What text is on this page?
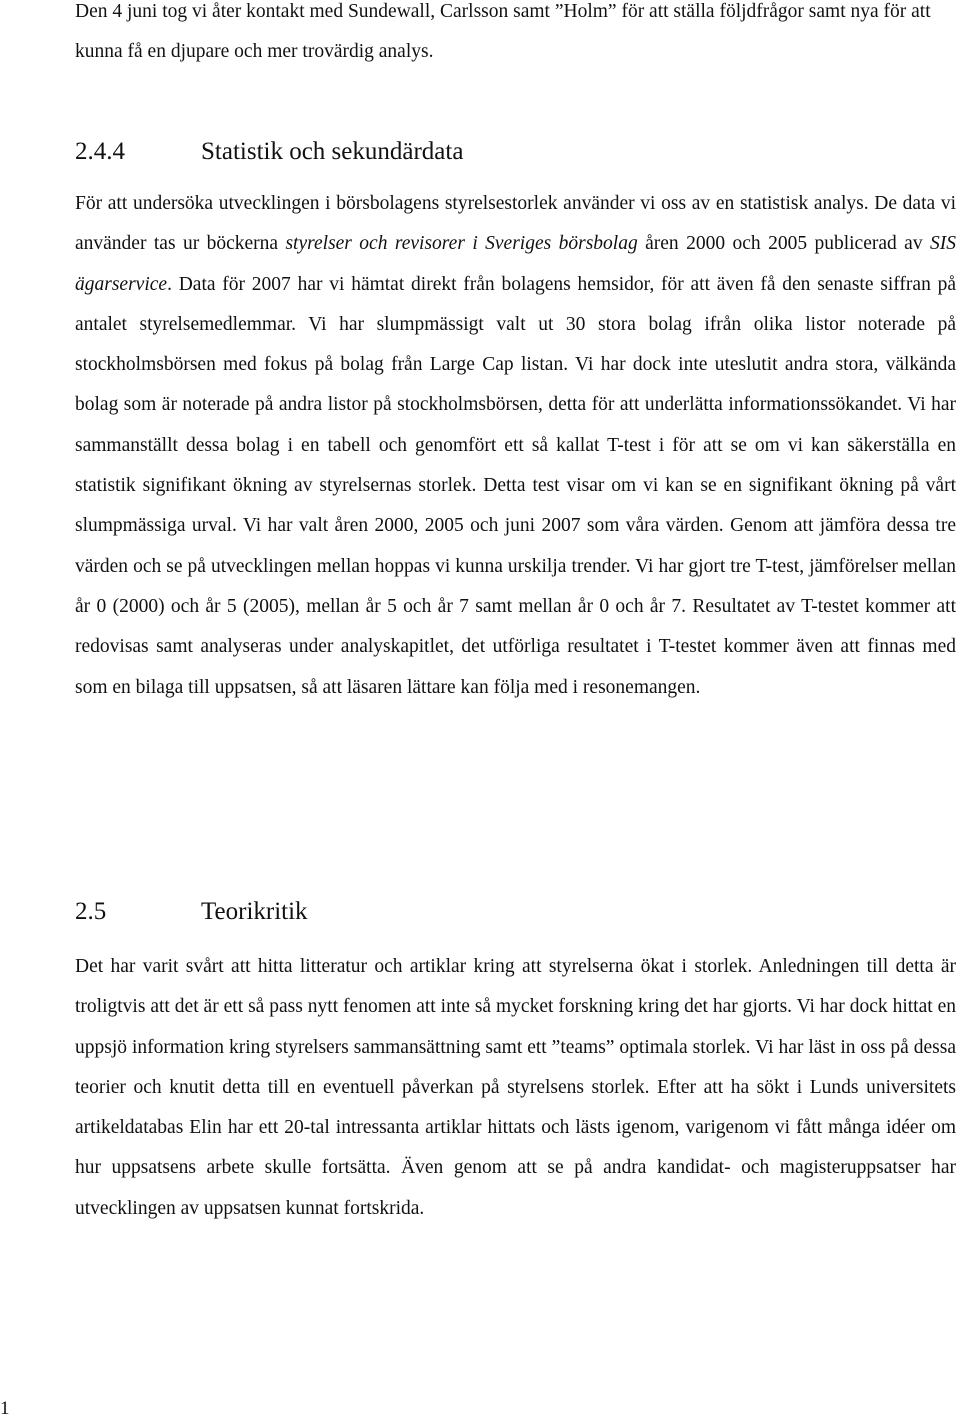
Den 4 juni tog vi åter kontakt med Sundewall, Carlsson samt ”Holm” för att ställa följdfrågor samt nya för att kunna få en djupare och mer trovärdig analys.

2.4.4	Statistik och sekundärdata

För att undersöka utvecklingen i börsbolagens styrelsestorlek använder vi oss av en statistisk analys. De data vi använder tas ur böckerna styrelser och revisorer i Sveriges börsbolag åren 2000 och 2005 publicerad av SIS ägarservice. Data för 2007 har vi hämtat direkt från bolagens hemsidor, för att även få den senaste siffran på antalet styrelsemedlemmar. Vi har slumpmässigt valt ut 30 stora bolag ifrån olika listor noterade på stockholmsbörsen med fokus på bolag från Large Cap listan. Vi har dock inte uteslutit andra stora, välkända bolag som är noterade på andra listor på stockholmsbörsen, detta för att underlätta informationssökandet. Vi har sammanställt dessa bolag i en tabell och genomfört ett så kallat T-test i för att se om vi kan säkerställa en statistik signifikant ökning av styrelsernas storlek. Detta test visar om vi kan se en signifikant ökning på vårt slumpmässiga urval. Vi har valt åren 2000, 2005 och juni 2007 som våra värden. Genom att jämföra dessa tre värden och se på utvecklingen mellan hoppas vi kunna urskilja trender. Vi har gjort tre T-test, jämförelser mellan år 0 (2000) och år 5 (2005), mellan år 5 och år 7 samt mellan år 0 och år 7. Resultatet av T-testet kommer att redovisas samt analyseras under analyskapitlet, det utförliga resultatet i T-testet kommer även att finnas med som en bilaga till uppsatsen, så att läsaren lättare kan följa med i resonemangen.

2.5	Teorikritik

Det har varit svårt att hitta litteratur och artiklar kring att styrelserna ökat i storlek. Anledningen till detta är troligtvis att det är ett så pass nytt fenomen att inte så mycket forskning kring det har gjorts. Vi har dock hittat en uppsjö information kring styrelsers sammansättning samt ett ”teams” optimala storlek. Vi har läst in oss på dessa teorier och knutit detta till en eventuell påverkan på styrelsens storlek. Efter att ha sökt i Lunds universitets artikeldatabas Elin har ett 20-tal intressanta artiklar hittats och lästs igenom, varigenom vi fått många idéer om hur uppsatsens arbete skulle fortsätta. Även genom att se på andra kandidat- och magisteruppsatser har utvecklingen av uppsatsen kunnat fortskrida.

1
